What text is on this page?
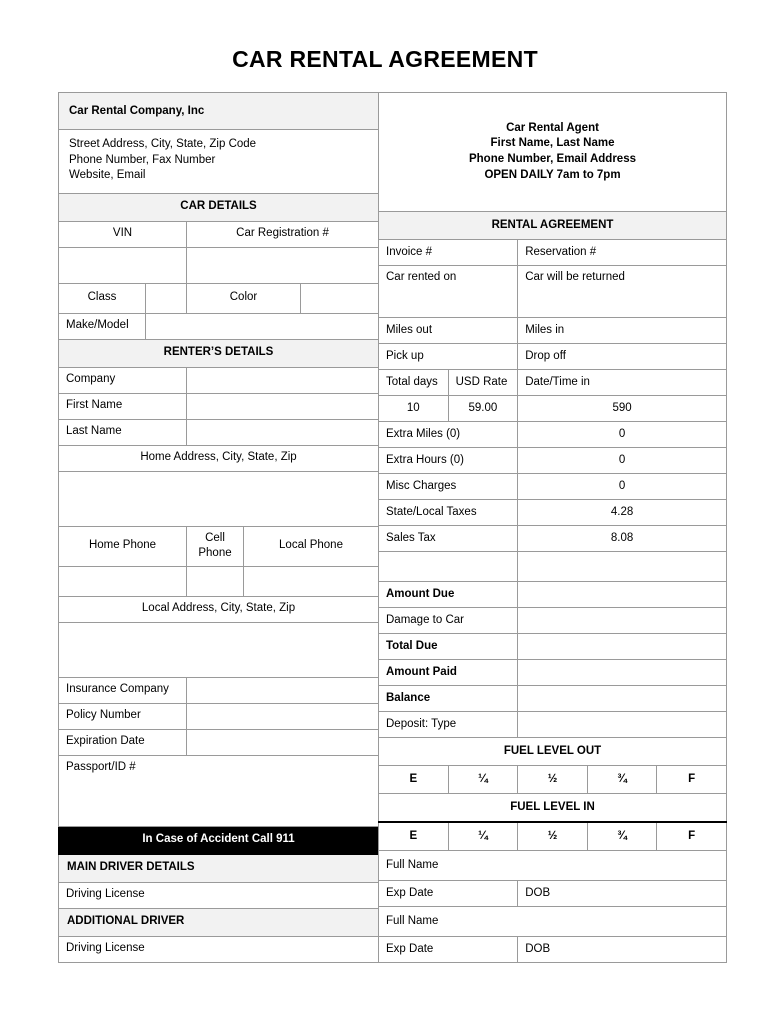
CAR RENTAL AGREEMENT
Car Rental Company, Inc

Street Address, City, State, Zip Code
Phone Number, Fax Number
Website, Email

CAR DETAILS
VIN	Car Registration #

Class		Color	
Make/Model	
RENTER’S DETAILS
Company	
First Name	
Last Name	
Home Address, City, State, Zip

Home Phone	Cell Phone	Local Phone

Local Address, City, State, Zip

Insurance Company	
Policy Number	
Expiration Date	
Passport/ID #
In Case of Accident Call 911
MAIN DRIVER DETAILS
Driving License
ADDITIONAL DRIVER
Driving License

Car Rental Agent
First Name, Last Name
Phone Number, Email Address
OPEN DAILY 7am to 7pm

RENTAL AGREEMENT
Invoice #	Reservation #
Car rented on	Car will be returned
Miles out	Miles in
Pick up	Drop off
Total days	USD Rate	Date/Time in
10	59.00	590
Extra Miles (0)	0
Extra Hours (0)	0
Misc Charges	0
State/Local Taxes	4.28
Sales Tax	8.08

Amount Due	
Damage to Car	
Total Due	
Amount Paid	
Balance	
Deposit: Type	
FUEL LEVEL OUT
E	¼	½	¾	F
FUEL LEVEL IN
E	¼	½	¾	F
Full Name
Exp Date	DOB
Full Name
Exp Date	DOB
